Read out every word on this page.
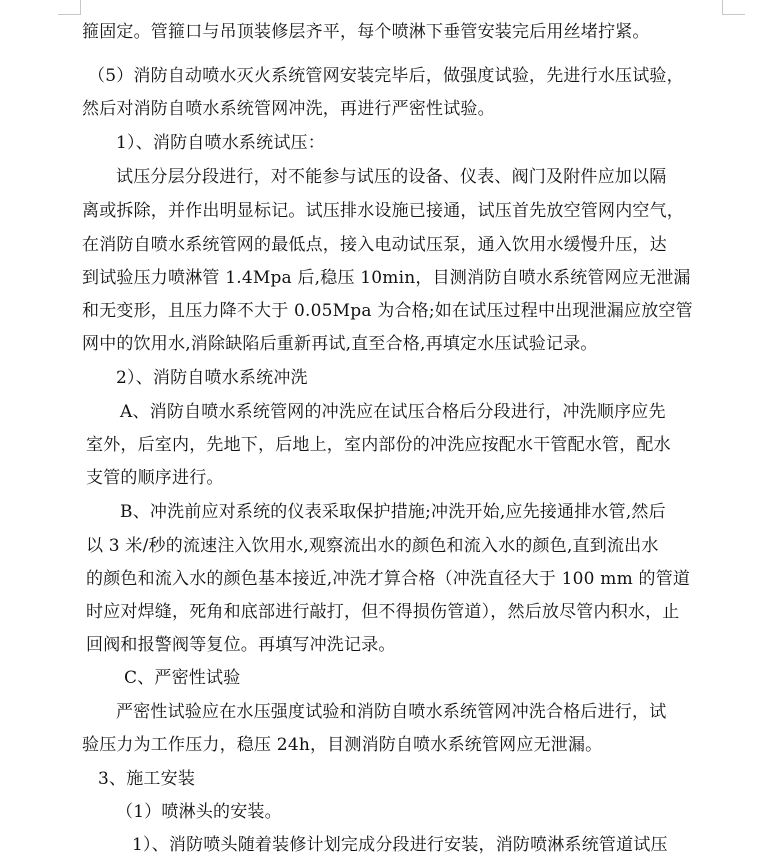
箍固定。管箍口与吊顶装修层齐平，每个喷淋下垂管安装完后用丝堵拧紧。
（5）消防自动喷水灭火系统管网安装完毕后，做强度试验，先进行水压试验，
然后对消防自喷水系统管网冲洗，再进行严密性试验。
1）、消防自喷水系统试压：
试压分层分段进行，对不能参与试压的设备、仪表、阀门及附件应加以隔
离或拆除，并作出明显标记。试压排水设施已接通，试压首先放空管网内空气，
在消防自喷水系统管网的最低点，接入电动试压泵，通入饮用水缓慢升压，达
到试验压力喷淋管 1.4Mpa 后,稳压 10min，目测消防自喷水系统管网应无泄漏
和无变形，且压力降不大于 0.05Mpa 为合格;如在试压过程中出现泄漏应放空管
网中的饮用水,消除缺陷后重新再试,直至合格,再填定水压试验记录。
2）、消防自喷水系统冲洗
A、消防自喷水系统管网的冲洗应在试压合格后分段进行，冲洗顺序应先
室外，后室内，先地下，后地上，室内部份的冲洗应按配水干管配水管，配水
支管的顺序进行。
B、冲洗前应对系统的仪表采取保护措施;冲洗开始,应先接通排水管,然后
以 3 米/秒的流速注入饮用水,观察流出水的颜色和流入水的颜色,直到流出水
的颜色和流入水的颜色基本接近,冲洗才算合格（冲洗直径大于 100 mm 的管道
时应对焊缝，死角和底部进行敲打，但不得损伤管道），然后放尽管内积水，止
回阀和报警阀等复位。再填写冲洗记录。
C、严密性试验
严密性试验应在水压强度试验和消防自喷水系统管网冲洗合格后进行，试
验压力为工作压力，稳压 24h，目测消防自喷水系统管网应无泄漏。
3、施工安装
（1）喷淋头的安装。
1）、消防喷头随着装修计划完成分段进行安装，消防喷淋系统管道试压
